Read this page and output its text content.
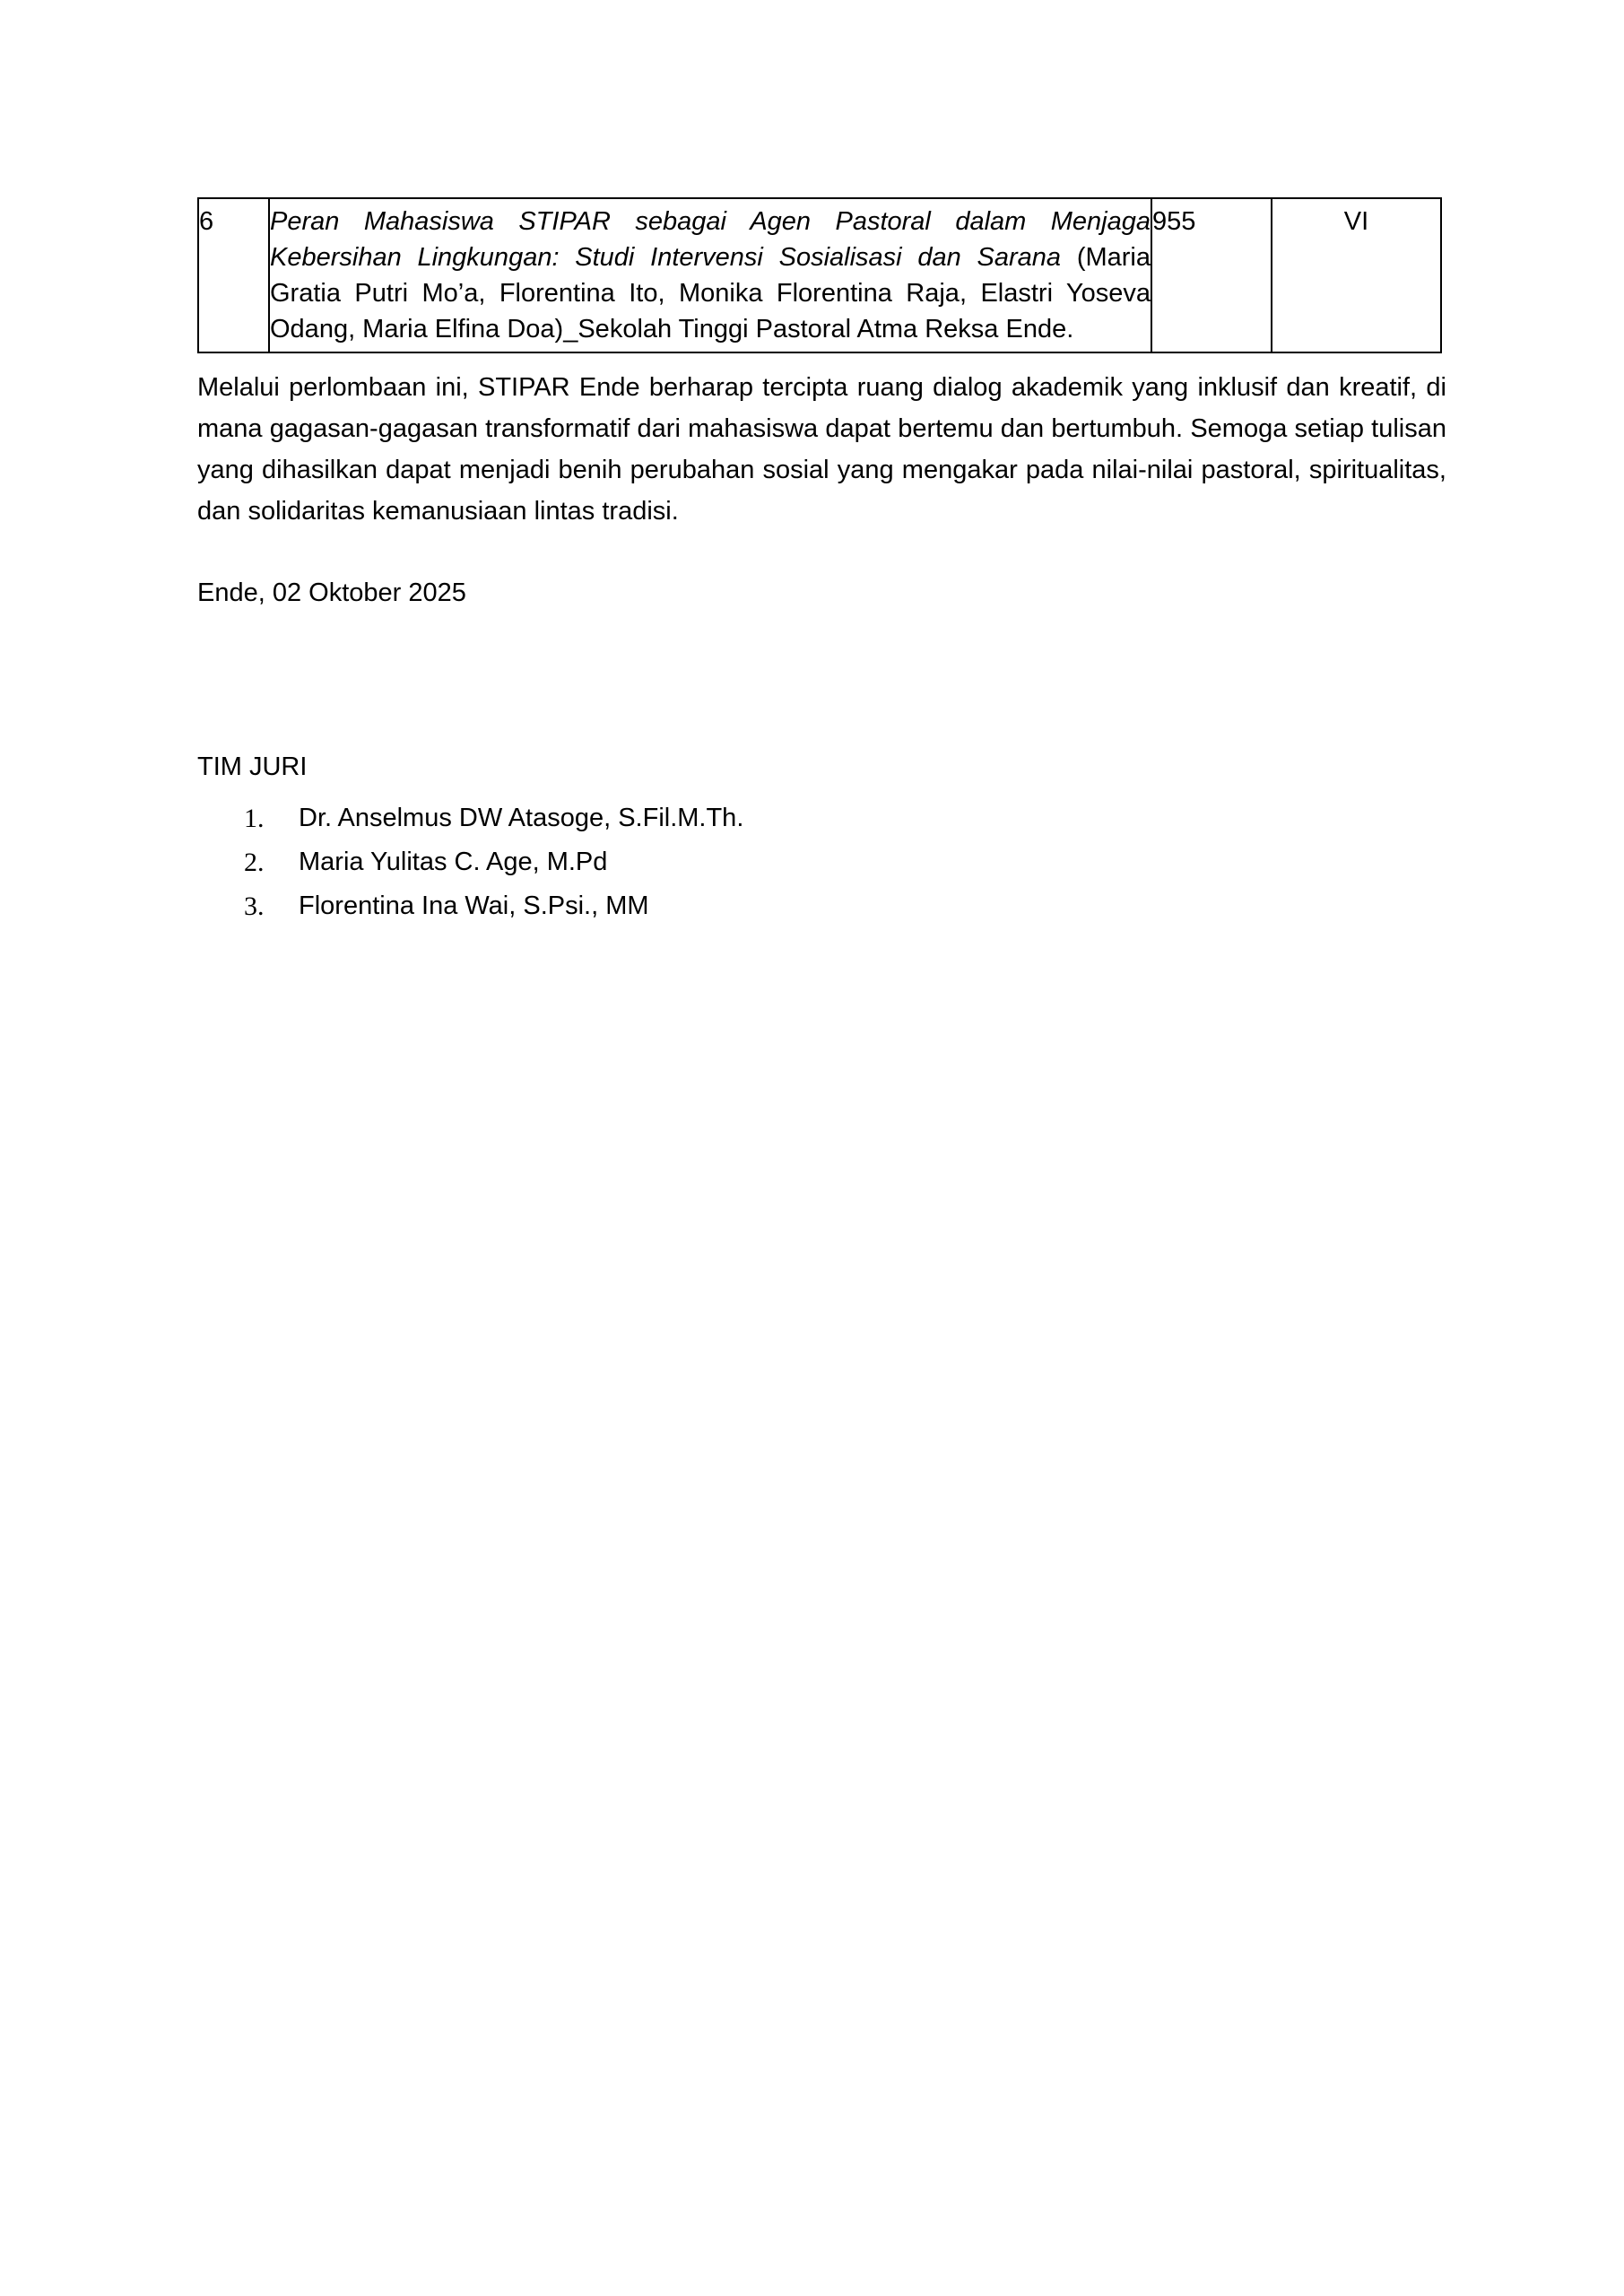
6	Peran Mahasiswa STIPAR sebagai Agen Pastoral dalam Menjaga Kebersihan Lingkungan: Studi Intervensi Sosialisasi dan Sarana (Maria Gratia Putri Mo’a, Florentina Ito, Monika Florentina Raja, Elastri Yoseva Odang, Maria Elfina Doa)_Sekolah Tinggi Pastoral Atma Reksa Ende.	955	VI

Melalui perlombaan ini, STIPAR Ende berharap tercipta ruang dialog akademik yang inklusif dan kreatif, di mana gagasan-gagasan transformatif dari mahasiswa dapat bertemu dan bertumbuh. Semoga setiap tulisan yang dihasilkan dapat menjadi benih perubahan sosial yang mengakar pada nilai-nilai pastoral, spiritualitas, dan solidaritas kemanusiaan lintas tradisi.

Ende, 02 Oktober 2025

TIM JURI

1.	Dr. Anselmus DW Atasoge, S.Fil.M.Th.
2.	Maria Yulitas C. Age, M.Pd
3.	Florentina Ina Wai, S.Psi., MM
